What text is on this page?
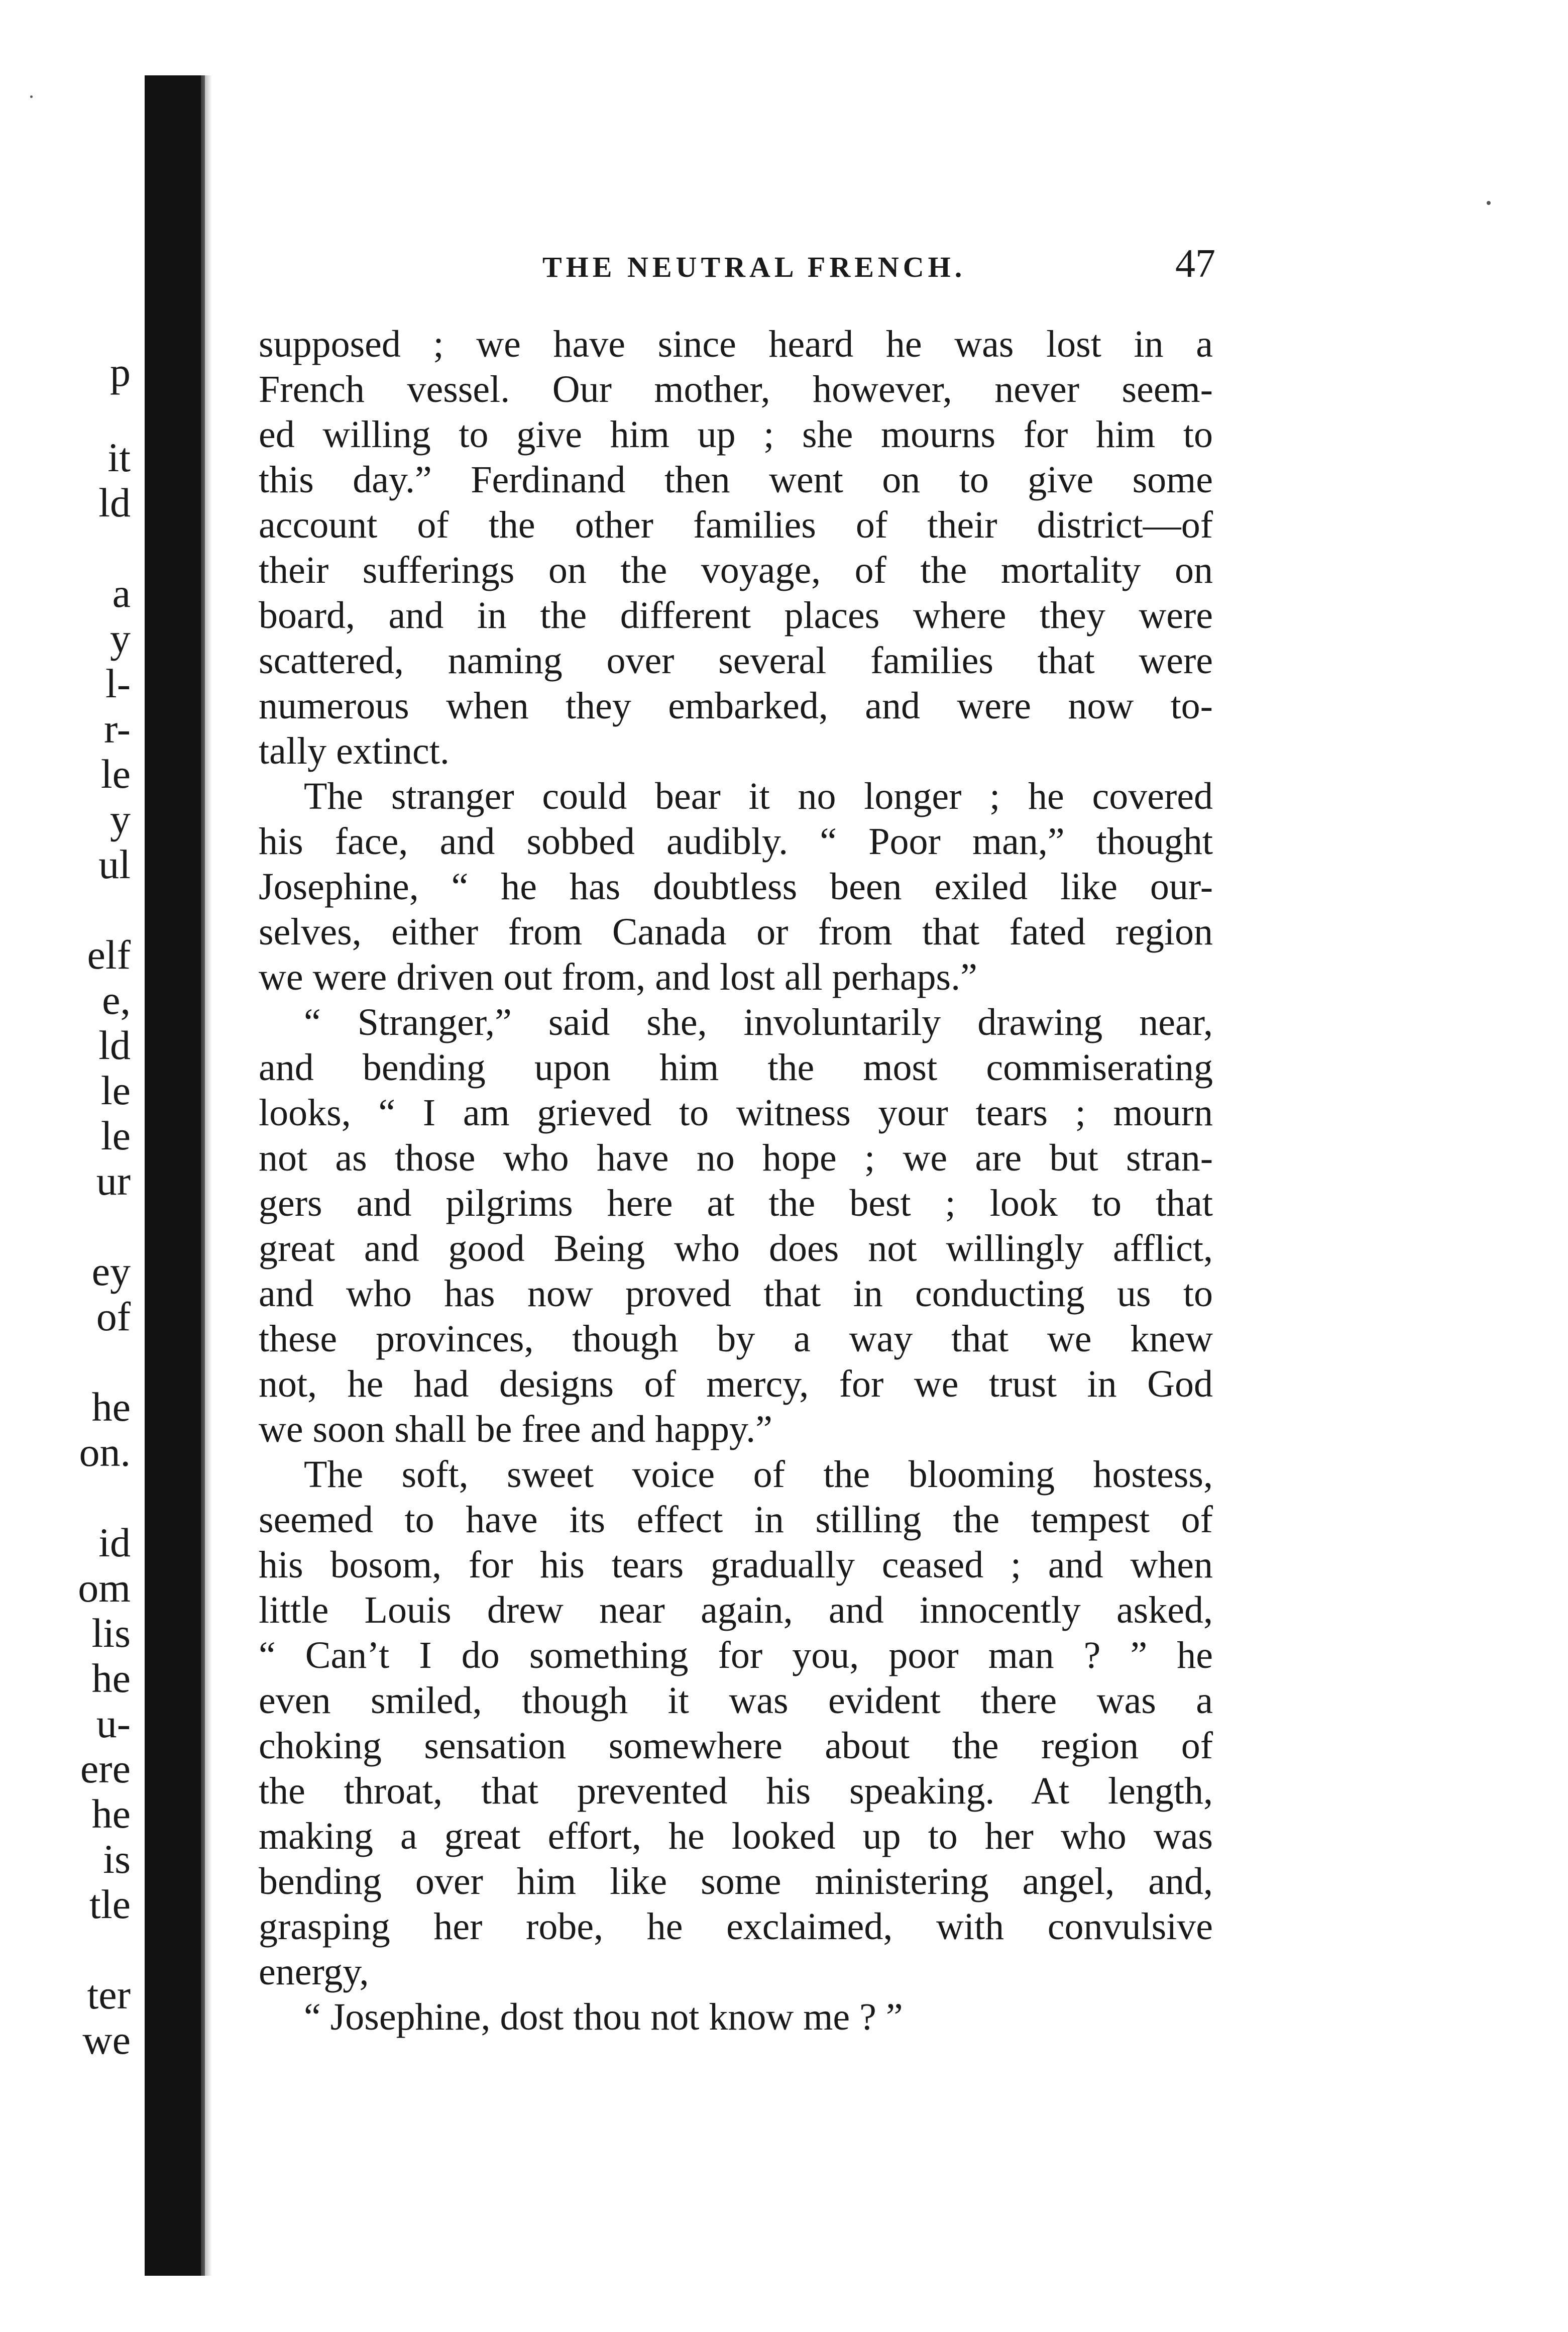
p
it
ld
a
y
l-
r-
le
y
ul
elf
e,
ld
le
le
ur
ey
of
he
on.
id
om
lis
he
u-
ere
he
is
tle
ter
we
THE NEUTRAL FRENCH.	47
supposed ; we have since heard he was lost in a
French vessel. Our mother, however, never seem-
ed willing to give him up ; she mourns for him to
this day.” Ferdinand then went on to give some
account of the other families of their district—of
their sufferings on the voyage, of the mortality on
board, and in the different places where they were
scattered, naming over several families that were
numerous when they embarked, and were now to-
tally extinct.
The stranger could bear it no longer ; he covered
his face, and sobbed audibly. “ Poor man,” thought
Josephine, “ he has doubtless been exiled like our-
selves, either from Canada or from that fated region
we were driven out from, and lost all perhaps.”
“ Stranger,” said she, involuntarily drawing near,
and bending upon him the most commiserating
looks, “ I am grieved to witness your tears ; mourn
not as those who have no hope ; we are but stran-
gers and pilgrims here at the best ; look to that
great and good Being who does not willingly afflict,
and who has now proved that in conducting us to
these provinces, though by a way that we knew
not, he had designs of mercy, for we trust in God
we soon shall be free and happy.”
The soft, sweet voice of the blooming hostess,
seemed to have its effect in stilling the tempest of
his bosom, for his tears gradually ceased ; and when
little Louis drew near again, and innocently asked,
“ Can’t I do something for you, poor man ? ” he
even smiled, though it was evident there was a
choking sensation somewhere about the region of
the throat, that prevented his speaking. At length,
making a great effort, he looked up to her who was
bending over him like some ministering angel, and,
grasping her robe, he exclaimed, with convulsive
energy,
“ Josephine, dost thou not know me ? ”
